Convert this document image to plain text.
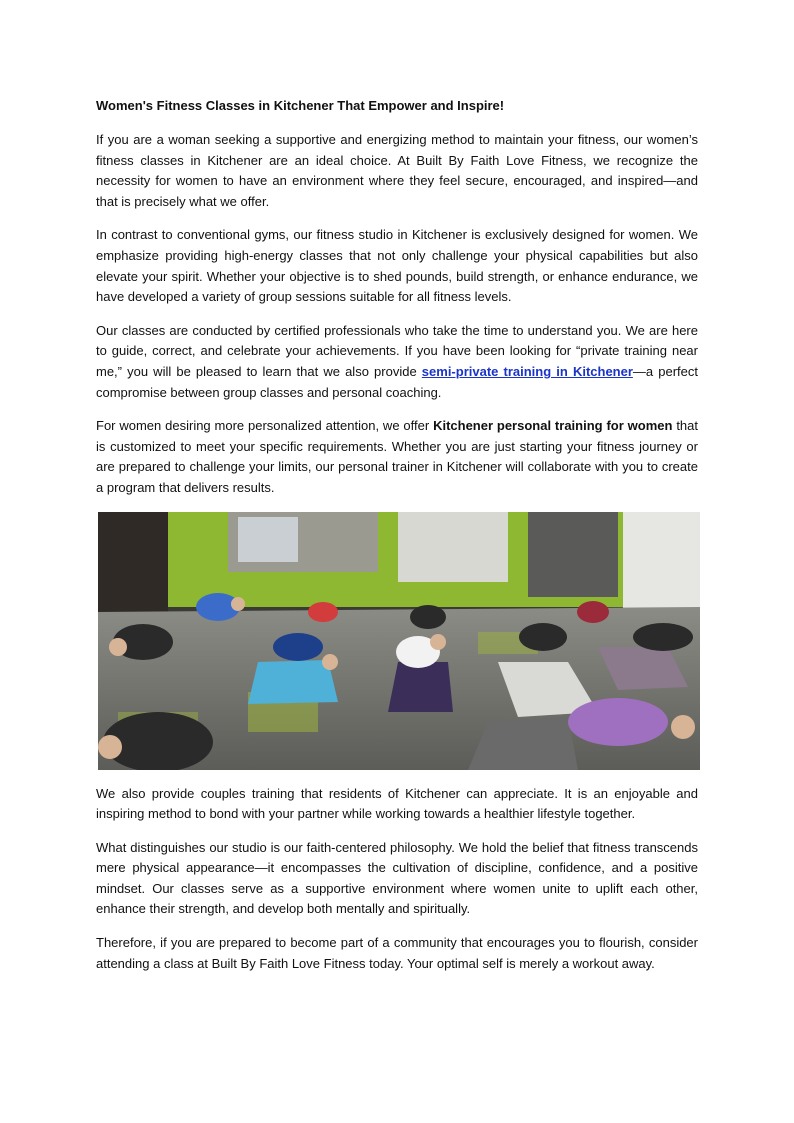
Women's Fitness Classes in Kitchener That Empower and Inspire!

If you are a woman seeking a supportive and energizing method to maintain your fitness, our women’s fitness classes in Kitchener are an ideal choice. At Built By Faith Love Fitness, we recognize the necessity for women to have an environment where they feel secure, encouraged, and inspired—and that is precisely what we offer.

In contrast to conventional gyms, our fitness studio in Kitchener is exclusively designed for women. We emphasize providing high-energy classes that not only challenge your physical capabilities but also elevate your spirit. Whether your objective is to shed pounds, build strength, or enhance endurance, we have developed a variety of group sessions suitable for all fitness levels.

Our classes are conducted by certified professionals who take the time to understand you. We are here to guide, correct, and celebrate your achievements. If you have been looking for “private training near me,” you will be pleased to learn that we also provide semi-private training in Kitchener—a perfect compromise between group classes and personal coaching.

For women desiring more personalized attention, we offer Kitchener personal training for women that is customized to meet your specific requirements. Whether you are just starting your fitness journey or are prepared to challenge your limits, our personal trainer in Kitchener will collaborate with you to create a program that delivers results.

We also provide couples training that residents of Kitchener can appreciate. It is an enjoyable and inspiring method to bond with your partner while working towards a healthier lifestyle together.

What distinguishes our studio is our faith-centered philosophy. We hold the belief that fitness transcends mere physical appearance—it encompasses the cultivation of discipline, confidence, and a positive mindset. Our classes serve as a supportive environment where women unite to uplift each other, enhance their strength, and develop both mentally and spiritually.

Therefore, if you are prepared to become part of a community that encourages you to flourish, consider attending a class at Built By Faith Love Fitness today. Your optimal self is merely a workout away.
